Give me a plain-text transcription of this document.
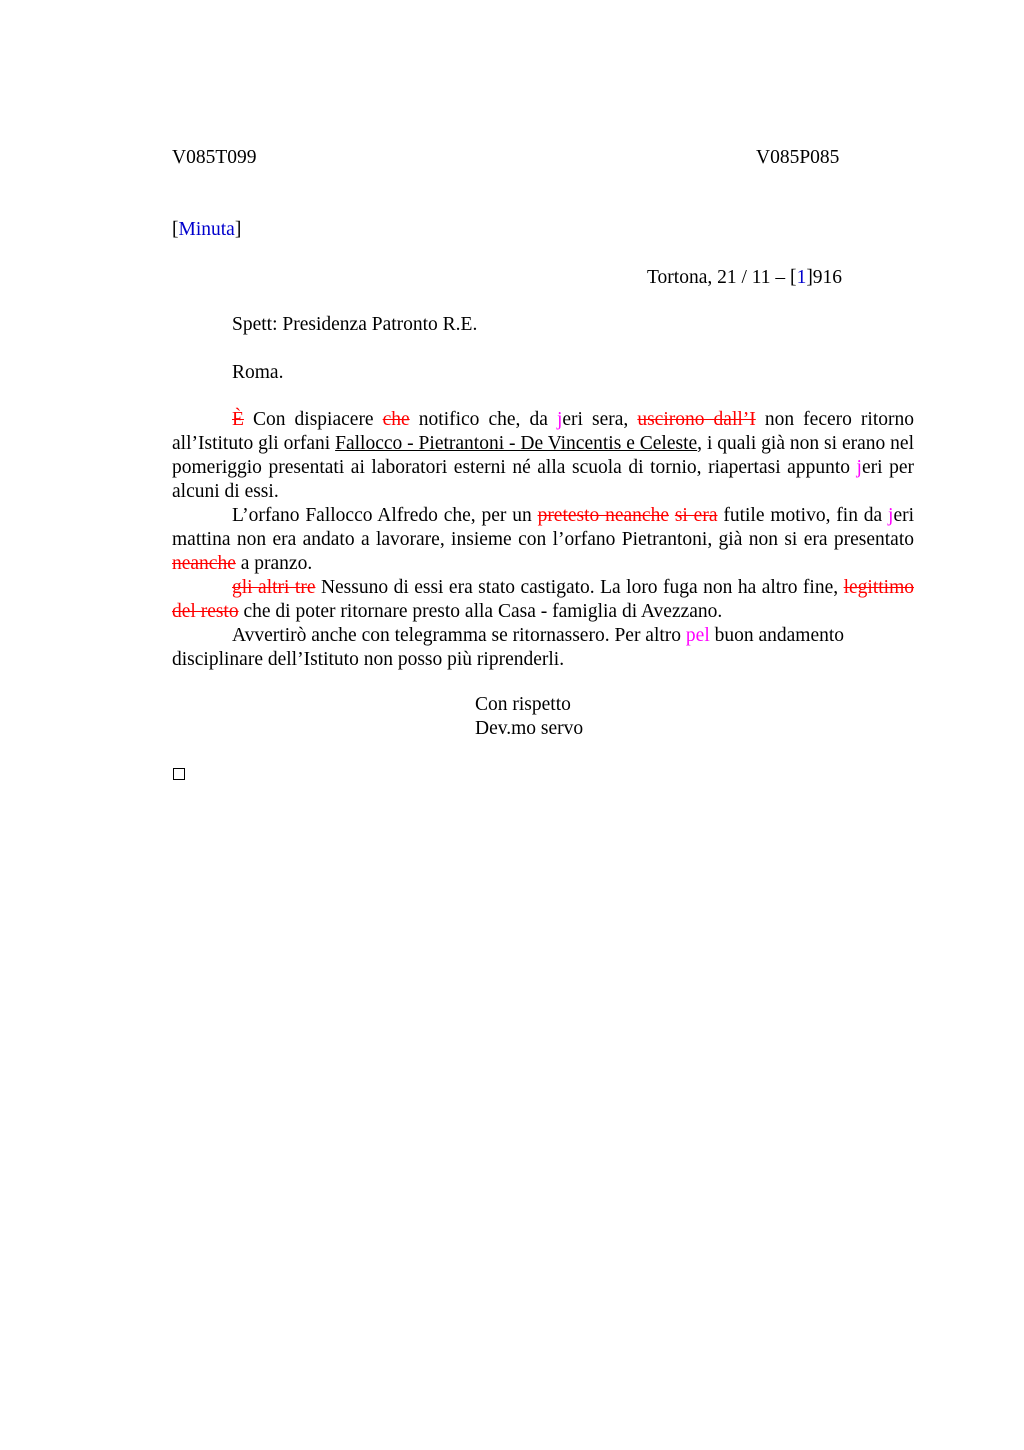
V085T099	V085P085
[Minuta]
Tortona, 21 / 11 – [1]916
Spett: Presidenza Patronto R.E.
Roma.

È Con dispiacere che notifico che, da jeri sera, uscirono dall’I non fecero ritorno all’Istituto gli orfani Fallocco - Pietrantoni - De Vincentis e Celeste, i quali già non si erano nel pomeriggio presentati ai laboratori esterni né alla scuola di tornio, riapertasi appunto jeri per alcuni di essi.

L’orfano Fallocco Alfredo che, per un pretesto neanche si era futile motivo, fin da jeri mattina non era andato a lavorare, insieme con l’orfano Pietrantoni, già non si era presentato neanche a pranzo.

gli altri tre Nessuno di essi era stato castigato. La loro fuga non ha altro fine, legittimo del resto che di poter ritornare presto alla Casa - famiglia di Avezzano.

Avvertirò anche con telegramma se ritornassero. Per altro pel buon andamento disciplinare dell’Istituto non posso più riprenderli.

Con rispetto
Dev.mo servo
